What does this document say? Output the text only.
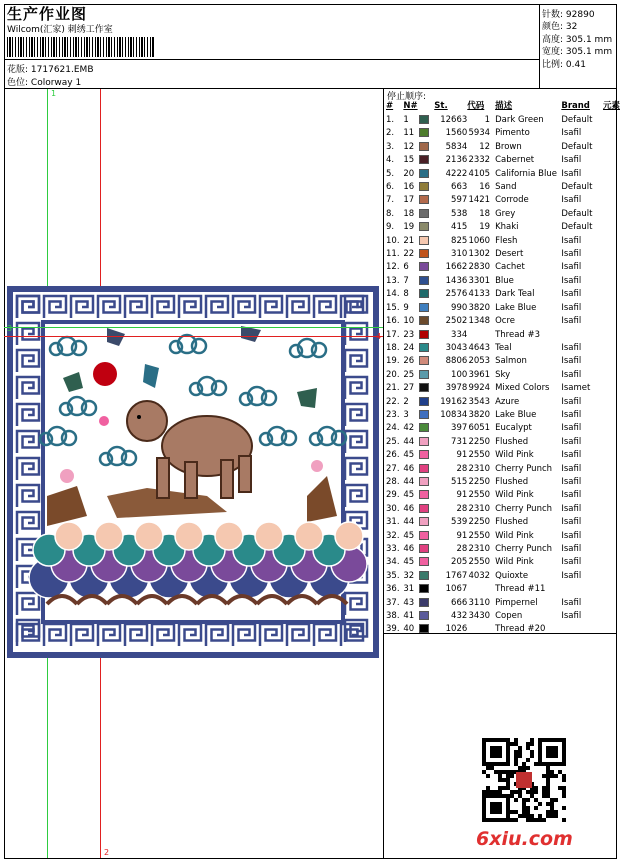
生产作业图
Wilcom(汇家) 刺绣工作室
花版: 1717621.EMB
色位: Colorway 1
针数: 92890
颜色: 32
高度: 305.1 mm
宽度: 305.1 mm
比例: 0.41
停止顺序:
#	N#		St.	代码	描述	Brand	元素
1.	1		12663	1	Dark Green	Default	
2.	11		1560	5934	Pimento	Isafil	
3.	12		5834	12	Brown	Default	
4.	15		2136	2332	Cabernet	Isafil	
5.	20		4222	4105	California Blue	Isafil	
6.	16		663	16	Sand	Default	
7.	17		597	1421	Corrode	Isafil	
8.	18		538	18	Grey	Default	
9.	19		415	19	Khaki	Default	
10.	21		825	1060	Flesh	Isafil	
11.	22		310	1302	Desert	Isafil	
12.	6		1662	2830	Cachet	Isafil	
13.	7		1436	3301	Blue	Isafil	
14.	8		2576	4133	Dark Teal	Isafil	
15.	9		990	3820	Lake Blue	Isafil	
16.	10		2502	1348	Ocre	Isafil	
17.	23		334		Thread #3		
18.	24		3043	4643	Teal	Isafil	
19.	26		8806	2053	Salmon	Isafil	
20.	25		100	3961	Sky	Isafil	
21.	27		3978	9924	Mixed Colors	Isamet	
22.	2		19162	3543	Azure	Isafil	
23.	3		10834	3820	Lake Blue	Isafil	
24.	42		397	6051	Eucalypt	Isafil	
25.	44		731	2250	Flushed	Isafil	
26.	45		91	2550	Wild Pink	Isafil	
27.	46		28	2310	Cherry Punch	Isafil	
28.	44		515	2250	Flushed	Isafil	
29.	45		91	2550	Wild Pink	Isafil	
30.	46		28	2310	Cherry Punch	Isafil	
31.	44		539	2250	Flushed	Isafil	
32.	45		91	2550	Wild Pink	Isafil	
33.	46		28	2310	Cherry Punch	Isafil	
34.	45		205	2550	Wild Pink	Isafil	
35.	32		1767	4032	Quioxte	Isafil	
36.	31		1067		Thread #11		
37.	43		666	3110	Pimpernel	Isafil	
38.	41		432	3430	Copen	Isafil	
39.	40		1026		Thread #20		
1
2
3
4
6xiu.com
